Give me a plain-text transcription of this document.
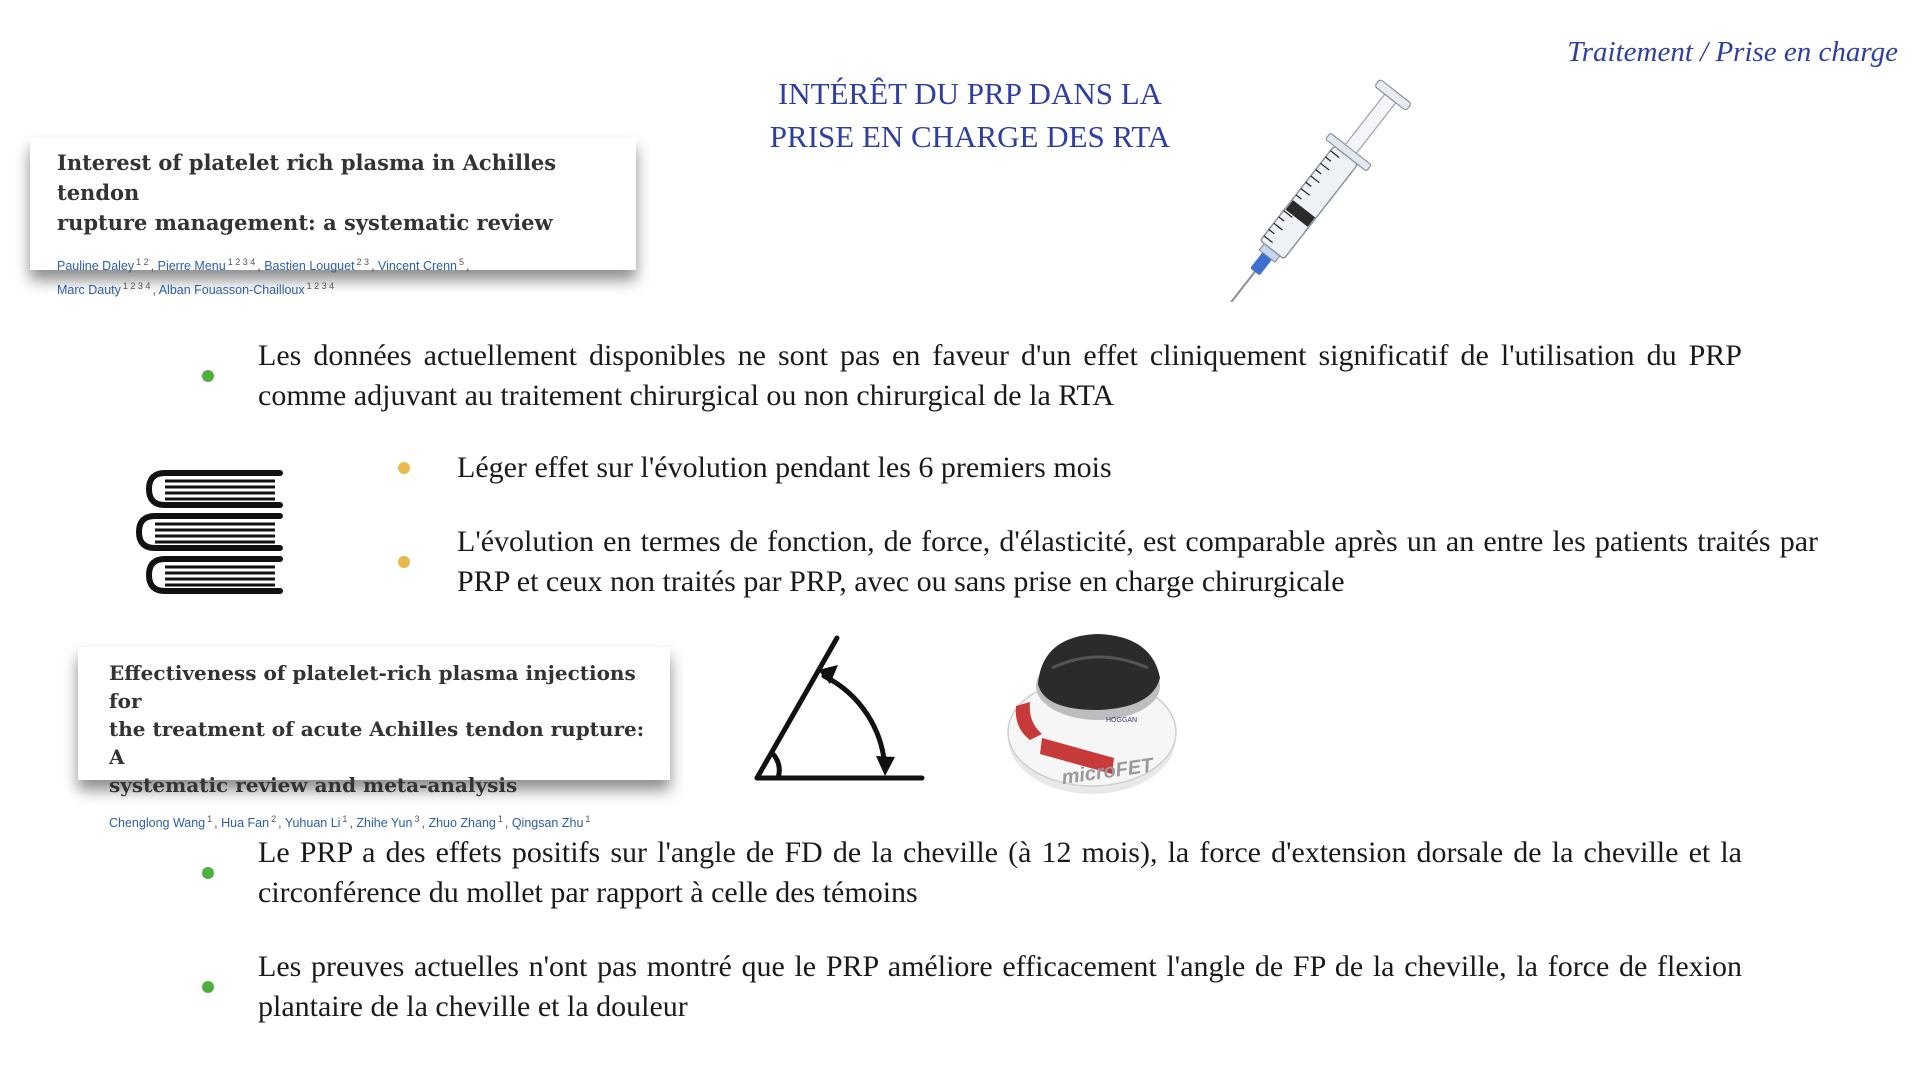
Traitement / Prise en charge
INTÉRÊT DU PRP DANS LA
PRISE EN CHARGE DES RTA
Interest of platelet rich plasma in Achilles tendon
rupture management: a systematic review
Pauline Daley $^{1 2}$ , Pierre Menu $^{1 2 3 4}$ , Bastien Louguet $^{2 3}$ , Vincent Crenn $^5$ ,
Marc Dauty $^{1 2 3 4}$ , Alban Fouasson-Chailloux $^{1 2 3 4}$
Les données actuellement disponibles ne sont pas en faveur d'un effet cliniquement significatif de l'utilisation du PRP comme adjuvant au traitement chirurgical ou non chirurgical de la RTA
Léger effet sur l'évolution pendant les 6 premiers mois
L'évolution en termes de fonction, de force, d'élasticité, est comparable après un an entre les patients traités par PRP et ceux non traités par PRP, avec ou sans prise en charge chirurgicale
Effectiveness of platelet-rich plasma injections for
the treatment of acute Achilles tendon rupture: A
systematic review and meta-analysis
Chenglong Wang $^1$ , Hua Fan $^2$ , Yuhuan Li $^1$ , Zhihe Yun $^3$ , Zhuo Zhang $^1$ , Qingsan Zhu $^1$
microFET
HOGGAN
Le PRP a des effets positifs sur l'angle de FD de la cheville (à 12 mois), la force d'extension dorsale de la cheville et la circonférence du mollet par rapport à celle des témoins
Les preuves actuelles n'ont pas montré que le PRP améliore efficacement l'angle de FP de la cheville, la force de flexion plantaire de la cheville et la douleur
